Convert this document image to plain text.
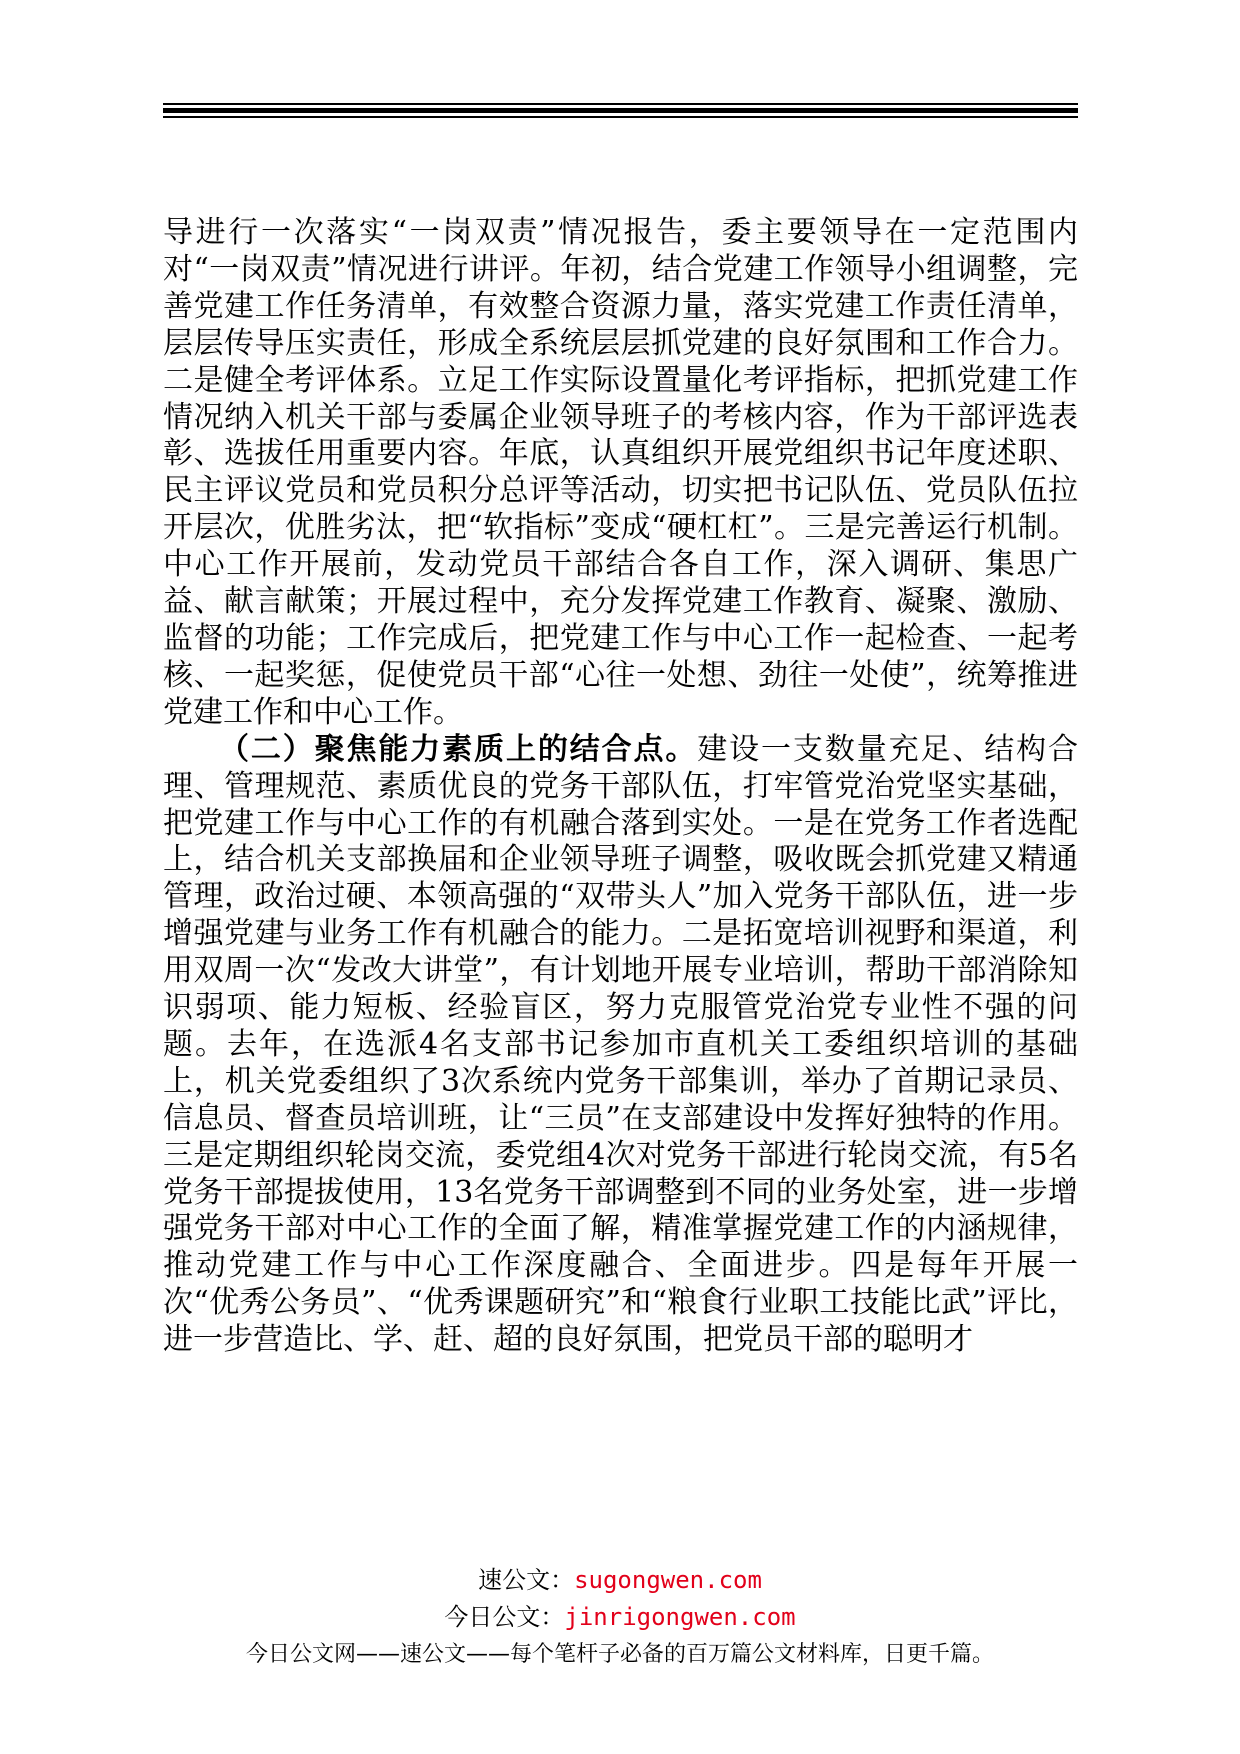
导进行一次落实“一岗双责”情况报告，委主要领导在一定范围内对“一岗双责”情况进行讲评。年初，结合党建工作领导小组调整，完善党建工作任务清单，有效整合资源力量，落实党建工作责任清单，层层传导压实责任，形成全系统层层抓党建的良好氛围和工作合力。二是健全考评体系。立足工作实际设置量化考评指标，把抓党建工作情况纳入机关干部与委属企业领导班子的考核内容，作为干部评选表彰、选拔任用重要内容。年底，认真组织开展党组织书记年度述职、民主评议党员和党员积分总评等活动，切实把书记队伍、党员队伍拉开层次，优胜劣汰，把“软指标”变成“硬杠杠”。三是完善运行机制。中心工作开展前，发动党员干部结合各自工作，深入调研、集思广益、献言献策；开展过程中，充分发挥党建工作教育、凝聚、激励、监督的功能；工作完成后，把党建工作与中心工作一起检查、一起考核、一起奖惩，促使党员干部“心往一处想、劲往一处使”，统筹推进党建工作和中心工作。

（二）聚焦能力素质上的结合点。建设一支数量充足、结构合理、管理规范、素质优良的党务干部队伍，打牢管党治党坚实基础，把党建工作与中心工作的有机融合落到实处。一是在党务工作者选配上，结合机关支部换届和企业领导班子调整，吸收既会抓党建又精通管理，政治过硬、本领高强的“双带头人”加入党务干部队伍，进一步增强党建与业务工作有机融合的能力。二是拓宽培训视野和渠道，利用双周一次“发改大讲堂”，有计划地开展专业培训，帮助干部消除知识弱项、能力短板、经验盲区，努力克服管党治党专业性不强的问题。去年，在选派4名支部书记参加市直机关工委组织培训的基础上，机关党委组织了3次系统内党务干部集训，举办了首期记录员、信息员、督查员培训班，让“三员”在支部建设中发挥好独特的作用。三是定期组织轮岗交流，委党组4次对党务干部进行轮岗交流，有5名党务干部提拔使用，13名党务干部调整到不同的业务处室，进一步增强党务干部对中心工作的全面了解，精准掌握党建工作的内涵规律，推动党建工作与中心工作深度融合、全面进步。四是每年开展一次“优秀公务员”、“优秀课题研究”和“粮食行业职工技能比武”评比，进一步营造比、学、赶、超的良好氛围，把党员干部的聪明才

速公文：sugongwen.com
今日公文：jinrigongwen.com
今日公文网——速公文——每个笔杆子必备的百万篇公文材料库，日更千篇。
